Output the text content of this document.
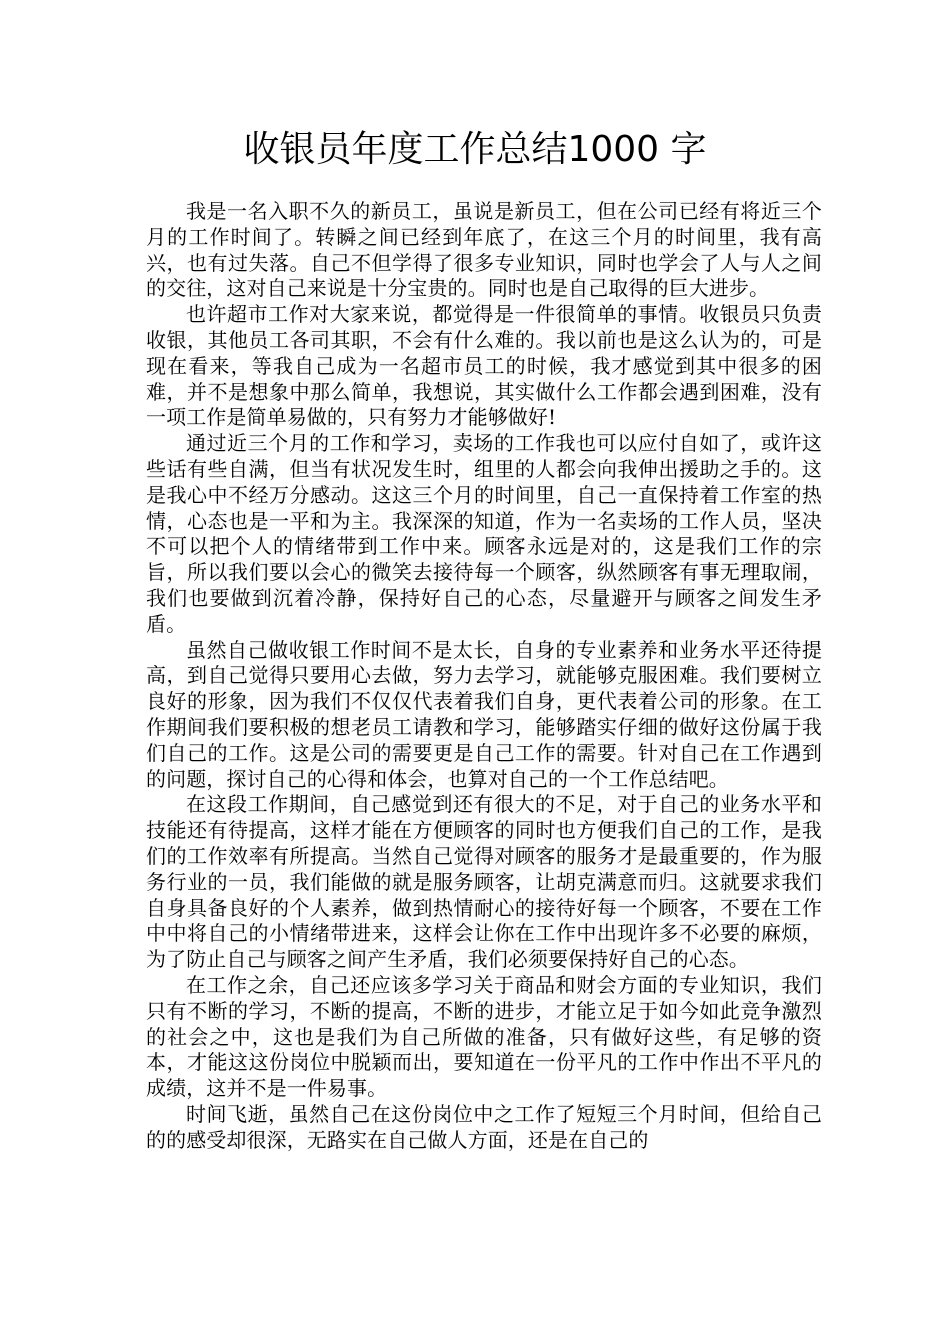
收银员年度工作总结1000 字

我是一名入职不久的新员工，虽说是新员工，但在公司已经有将近三个月的工作时间了。转瞬之间已经到年底了，在这三个月的时间里，我有高兴，也有过失落。自己不但学得了很多专业知识，同时也学会了人与人之间的交往，这对自己来说是十分宝贵的。同时也是自己取得的巨大进步。

也许超市工作对大家来说，都觉得是一件很简单的事情。收银员只负责收银，其他员工各司其职，不会有什么难的。我以前也是这么认为的，可是现在看来，等我自己成为一名超市员工的时候，我才感觉到其中很多的困难，并不是想象中那么简单，我想说，其实做什么工作都会遇到困难，没有一项工作是简单易做的，只有努力才能够做好!

通过近三个月的工作和学习，卖场的工作我也可以应付自如了，或许这些话有些自满，但当有状况发生时，组里的人都会向我伸出援助之手的。这是我心中不经万分感动。这这三个月的时间里，自己一直保持着工作室的热情，心态也是一平和为主。我深深的知道，作为一名卖场的工作人员，坚决不可以把个人的情绪带到工作中来。顾客永远是对的，这是我们工作的宗旨，所以我们要以会心的微笑去接待每一个顾客，纵然顾客有事无理取闹，我们也要做到沉着冷静，保持好自己的心态，尽量避开与顾客之间发生矛盾。

虽然自己做收银工作时间不是太长，自身的专业素养和业务水平还待提高，到自己觉得只要用心去做，努力去学习，就能够克服困难。我们要树立良好的形象，因为我们不仅仅代表着我们自身，更代表着公司的形象。在工作期间我们要积极的想老员工请教和学习，能够踏实仔细的做好这份属于我们自己的工作。这是公司的需要更是自己工作的需要。针对自己在工作遇到的问题，探讨自己的心得和体会，也算对自己的一个工作总结吧。

在这段工作期间，自己感觉到还有很大的不足，对于自己的业务水平和技能还有待提高，这样才能在方便顾客的同时也方便我们自己的工作，是我们的工作效率有所提高。当然自己觉得对顾客的服务才是最重要的，作为服务行业的一员，我们能做的就是服务顾客，让胡克满意而归。这就要求我们自身具备良好的个人素养，做到热情耐心的接待好每一个顾客，不要在工作中中将自己的小情绪带进来，这样会让你在工作中出现许多不必要的麻烦，为了防止自己与顾客之间产生矛盾，我们必须要保持好自己的心态。

在工作之余，自己还应该多学习关于商品和财会方面的专业知识，我们只有不断的学习，不断的提高，不断的进步，才能立足于如今如此竞争激烈的社会之中，这也是我们为自己所做的准备，只有做好这些，有足够的资本，才能这这份岗位中脱颖而出，要知道在一份平凡的工作中作出不平凡的成绩，这并不是一件易事。

时间飞逝，虽然自己在这份岗位中之工作了短短三个月时间，但给自己的的感受却很深，无路实在自己做人方面，还是在自己的
